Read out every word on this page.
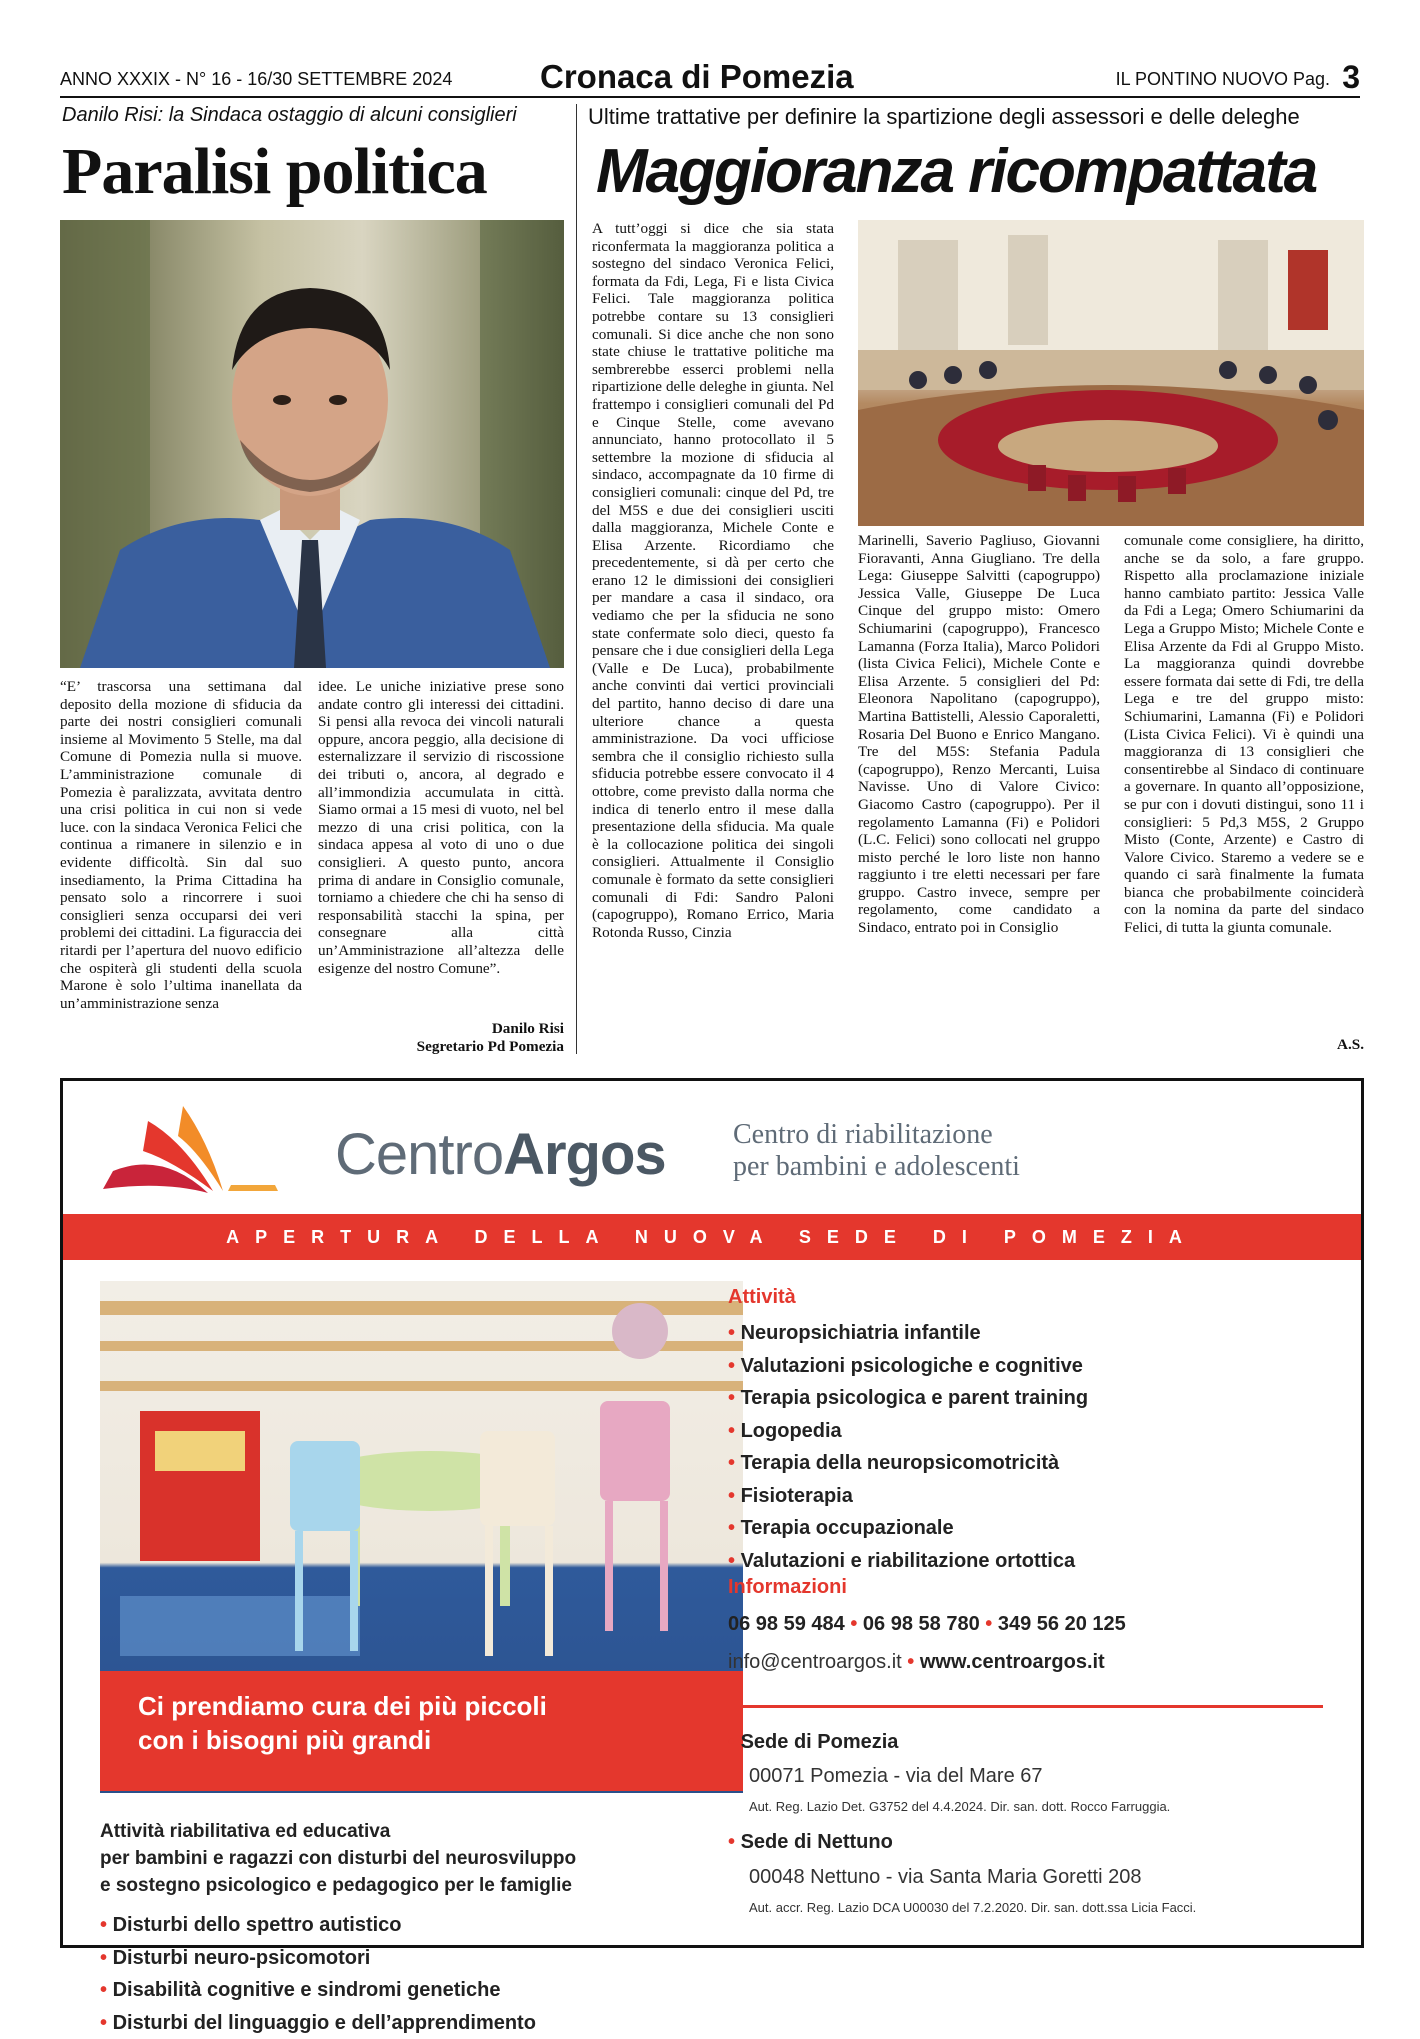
ANNO XXXIX - N° 16 - 16/30 SETTEMBRE 2024	Cronaca di Pomezia	IL PONTINO NUOVO Pag. 3
Danilo Risi: la Sindaca ostaggio di alcuni consiglieri
Paralisi politica
“E’ trascorsa una settimana dal deposito della mozione di sfiducia da parte dei nostri consiglieri comunali insieme al Movimento 5 Stelle, ma dal Comune di Pomezia nulla si muove. L’amministrazione comunale di Pomezia è paralizzata, avvitata dentro una crisi politica in cui non si vede luce. con la sindaca Veronica Felici che continua a rimanere in silenzio e in evidente difficoltà. Sin dal suo insediamento, la Prima Cittadina ha pensato solo a rincorrere i suoi consiglieri senza occuparsi dei veri problemi dei cittadini. La figuraccia dei ritardi per l’apertura del nuovo edificio che ospiterà gli studenti della scuola Marone è solo l’ultima inanellata da un’amministrazione senza
idee. Le uniche iniziative prese sono andate contro gli interessi dei cittadini. Si pensi alla revoca dei vincoli naturali oppure, ancora peggio, alla decisione di esternalizzare il servizio di riscossione dei tributi o, ancora, al degrado e all’immondizia accumulata in città. Siamo ormai a 15 mesi di vuoto, nel bel mezzo di una crisi politica, con la sindaca appesa al voto di uno o due consiglieri. A questo punto, ancora prima di andare in Consiglio comunale, torniamo a chiedere che chi ha senso di responsabilità stacchi la spina, per consegnare alla città un’Amministrazione all’altezza delle esigenze del nostro Comune”.
Danilo Risi
Segretario Pd Pomezia
Ultime trattative per definire la spartizione degli assessori e delle deleghe
Maggioranza ricompattata
A tutt’oggi si dice che sia stata riconfermata la maggioranza politica a sostegno del sindaco Veronica Felici, formata da Fdi, Lega, Fi e lista Civica Felici. Tale maggioranza politica potrebbe contare su 13 consiglieri comunali. Si dice anche che non sono state chiuse le trattative politiche ma sembrerebbe esserci problemi nella ripartizione delle deleghe in giunta. Nel frattempo i consiglieri comunali del Pd e Cinque Stelle, come avevano annunciato, hanno protocollato il 5 settembre la mozione di sfiducia al sindaco, accompagnate da 10 firme di consiglieri comunali: cinque del Pd, tre del M5S e due dei consiglieri usciti dalla maggioranza, Michele Conte e Elisa Arzente. Ricordiamo che precedentemente, si dà per certo che erano 12 le dimissioni dei consiglieri per mandare a casa il sindaco, ora vediamo che per la sfiducia ne sono state confermate solo dieci, questo fa pensare che i due consiglieri della Lega (Valle e De Luca), probabilmente anche convinti dai vertici provinciali del partito, hanno deciso di dare una ulteriore chance a questa amministrazione. Da voci ufficiose sembra che il consiglio richiesto sulla sfiducia potrebbe essere convocato il 4 ottobre, come previsto dalla norma che indica di tenerlo entro il mese dalla presentazione della sfiducia. Ma quale è la collocazione politica dei singoli consiglieri. Attualmente il Consiglio comunale è formato da sette consiglieri comunali di Fdi: Sandro Paloni (capogruppo), Romano Errico, Maria Rotonda Russo, Cinzia
Marinelli, Saverio Pagliuso, Giovanni Fioravanti, Anna Giugliano. Tre della Lega: Giuseppe Salvitti (capogruppo) Jessica Valle, Giuseppe De Luca Cinque del gruppo misto: Omero Schiumarini (capogruppo), Francesco Lamanna (Forza Italia), Marco Polidori (lista Civica Felici), Michele Conte e Elisa Arzente. 5 consiglieri del Pd: Eleonora Napolitano (capogruppo), Martina Battistelli, Alessio Caporaletti, Rosaria Del Buono e Enrico Mangano. Tre del M5S: Stefania Padula (capogruppo), Renzo Mercanti, Luisa Navisse. Uno di Valore Civico: Giacomo Castro (capogruppo). Per il regolamento Lamanna (Fi) e Polidori (L.C. Felici) sono collocati nel gruppo misto perché le loro liste non hanno raggiunto i tre eletti necessari per fare gruppo. Castro invece, sempre per regolamento, come candidato a Sindaco, entrato poi in Consiglio
comunale come consigliere, ha diritto, anche se da solo, a fare gruppo. Rispetto alla proclamazione iniziale hanno cambiato partito: Jessica Valle da Fdi a Lega; Omero Schiumarini da Lega a Gruppo Misto; Michele Conte e Elisa Arzente da Fdi al Gruppo Misto. La maggioranza quindi dovrebbe essere formata dai sette di Fdi, tre della Lega e tre del gruppo misto: Schiumarini, Lamanna (Fi) e Polidori (Lista Civica Felici). Vi è quindi una maggioranza di 13 consiglieri che consentirebbe al Sindaco di continuare a governare. In quanto all’opposizione, se pur con i dovuti distingui, sono 11 i consiglieri: 5 Pd,3 M5S, 2 Gruppo Misto (Conte, Arzente) e Castro di Valore Civico. Staremo a vedere se e quando ci sarà finalmente la fumata bianca che probabilmente coinciderà con la nomina da parte del sindaco Felici, di tutta la giunta comunale.
A.S.
CentroArgos Centro di riabilitazione
per bambini e adolescenti
APERTURA DELLA NUOVA SEDE DI POMEZIA
Ci prendiamo cura dei più piccoli
con i bisogni più grandi
Attività riabilitativa ed educativa
per bambini e ragazzi con disturbi del neurosviluppo
e sostegno psicologico e pedagogico per le famiglie
• Disturbi dello spettro autistico
• Disturbi neuro-psicomotori
• Disabilità cognitive e sindromi genetiche
• Disturbi del linguaggio e dell’apprendimento
Attività
• Neuropsichiatria infantile
• Valutazioni psicologiche e cognitive
• Terapia psicologica e parent training
• Logopedia
• Terapia della neuropsicomotricità
• Fisioterapia
• Terapia occupazionale
• Valutazioni e riabilitazione ortottica
Informazioni
06 98 59 484 • 06 98 58 780 • 349 56 20 125
info@centroargos.it • www.centroargos.it
• Sede di Pomezia
00071 Pomezia - via del Mare 67
Aut. Reg. Lazio Det. G3752 del 4.4.2024. Dir. san. dott. Rocco Farruggia.
• Sede di Nettuno
00048 Nettuno - via Santa Maria Goretti 208
Aut. accr. Reg. Lazio DCA U00030 del 7.2.2020. Dir. san. dott.ssa Licia Facci.
